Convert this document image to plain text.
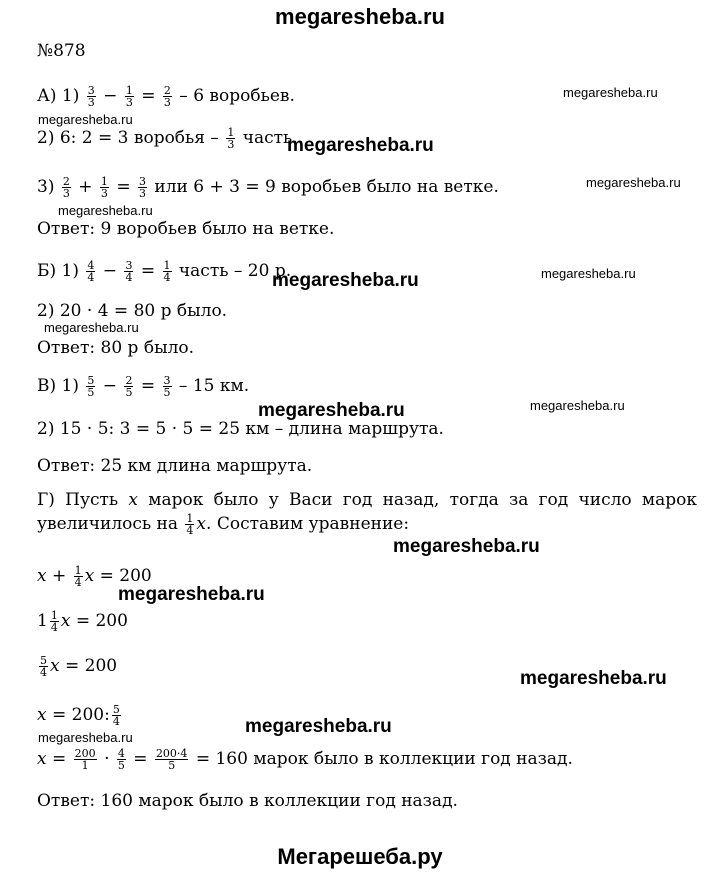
megaresheba.ru
№878
А) $1) \frac{3}{3} - \frac{1}{3} = \frac{2}{3} - 6$ воробьев.	megaresheba.ru
megaresheba.ru
2) 6: 2 = 3 воробья – $\frac{1}{3}$ часть.
megaresheba.ru
$3) \frac{2}{3} + \frac{1}{3} = \frac{3}{3}$ или 6 + 3 = 9 воробьев было на ветке.	megaresheba.ru
megaresheba.ru
Ответ: 9 воробьев было на ветке.
Б) $1) \frac{4}{4} - \frac{3}{4} = \frac{1}{4}$ часть – 20 р.	megaresheba.ru
megaresheba.ru
2) 20 · 4 = 80 р было.
megaresheba.ru
Ответ: 80 р было.
В) $1) \frac{5}{5} - \frac{2}{5} = \frac{3}{5} - 15$ км.
megaresheba.ru	megaresheba.ru
2) 15 · 5: 3 = 5 · 5 = 25 км – длина маршрута.
Ответ: 25 км длина маршрута.
Г) Пусть x марок было у Васи год назад, тогда за год число марок увеличилось на $\frac{1}{4} x$. Составим уравнение:
megaresheba.ru
$x + \frac{1}{4}$ x = 200
megaresheba.ru
$1 \frac{1}{4}$ x = 200
$\frac{5}{4}$ x = 200
megaresheba.ru
x = 200: $\frac{5}{4}$	megaresheba.ru
megaresheba.ru
$x = \frac{200}{1} \cdot \frac{4}{5} = \frac{200\cdot 4}{5} = 160$ марок было в коллекции год назад.
Ответ: 160 марок было в коллекции год назад.
Мегарешеба.ру
